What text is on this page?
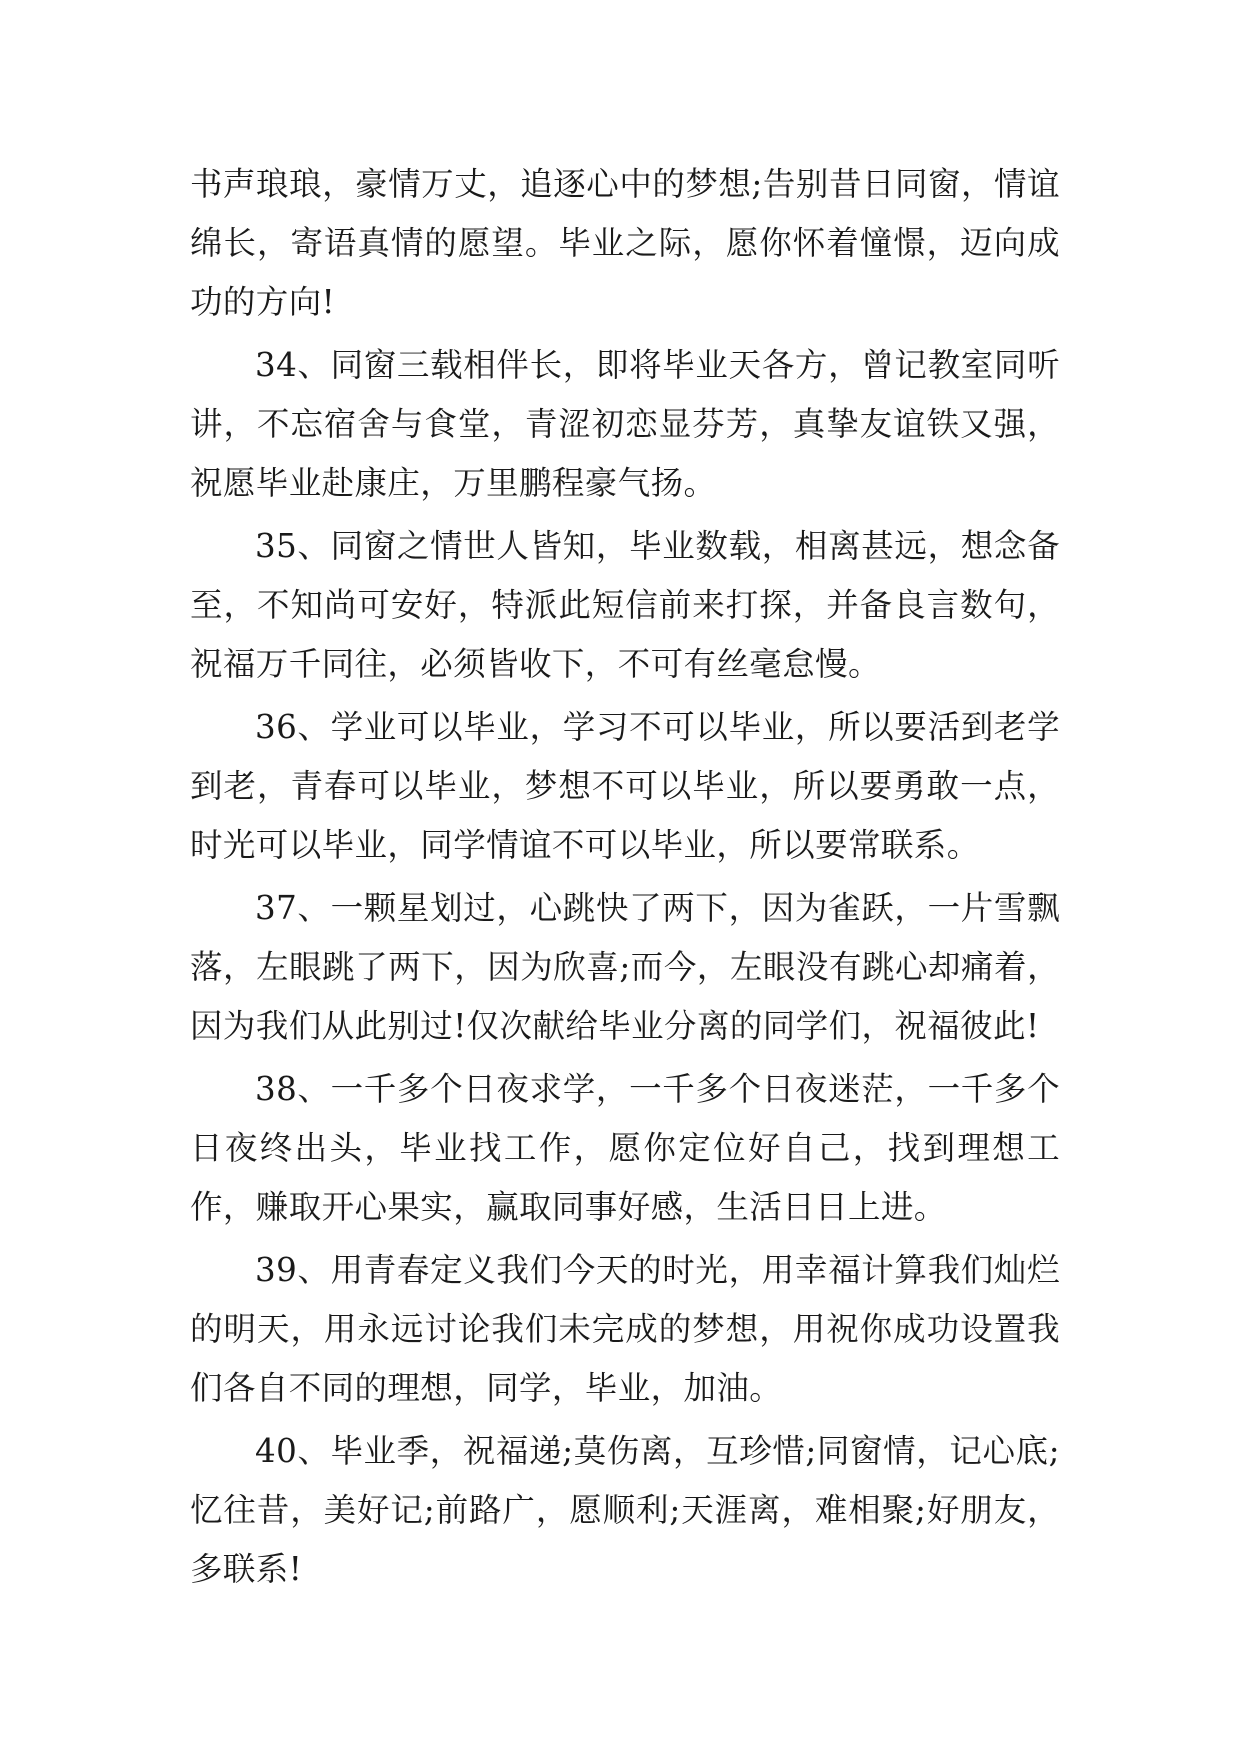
书声琅琅，豪情万丈，追逐心中的梦想;告别昔日同窗，情谊绵长，寄语真情的愿望。毕业之际，愿你怀着憧憬，迈向成功的方向!

34、同窗三载相伴长，即将毕业天各方，曾记教室同听讲，不忘宿舍与食堂，青涩初恋显芬芳，真挚友谊铁又强，祝愿毕业赴康庄，万里鹏程豪气扬。

35、同窗之情世人皆知，毕业数载，相离甚远，想念备至，不知尚可安好，特派此短信前来打探，并备良言数句，祝福万千同往，必须皆收下，不可有丝毫怠慢。

36、学业可以毕业，学习不可以毕业，所以要活到老学到老，青春可以毕业，梦想不可以毕业，所以要勇敢一点，时光可以毕业，同学情谊不可以毕业，所以要常联系。

37、一颗星划过，心跳快了两下，因为雀跃，一片雪飘落，左眼跳了两下，因为欣喜;而今，左眼没有跳心却痛着，因为我们从此别过!仅次献给毕业分离的同学们，祝福彼此!

38、一千多个日夜求学，一千多个日夜迷茫，一千多个日夜终出头，毕业找工作，愿你定位好自己，找到理想工作，赚取开心果实，赢取同事好感，生活日日上进。

39、用青春定义我们今天的时光，用幸福计算我们灿烂的明天，用永远讨论我们未完成的梦想，用祝你成功设置我们各自不同的理想，同学，毕业，加油。

40、毕业季，祝福递;莫伤离，互珍惜;同窗情，记心底;忆往昔，美好记;前路广，愿顺利;天涯离，难相聚;好朋友，多联系!
